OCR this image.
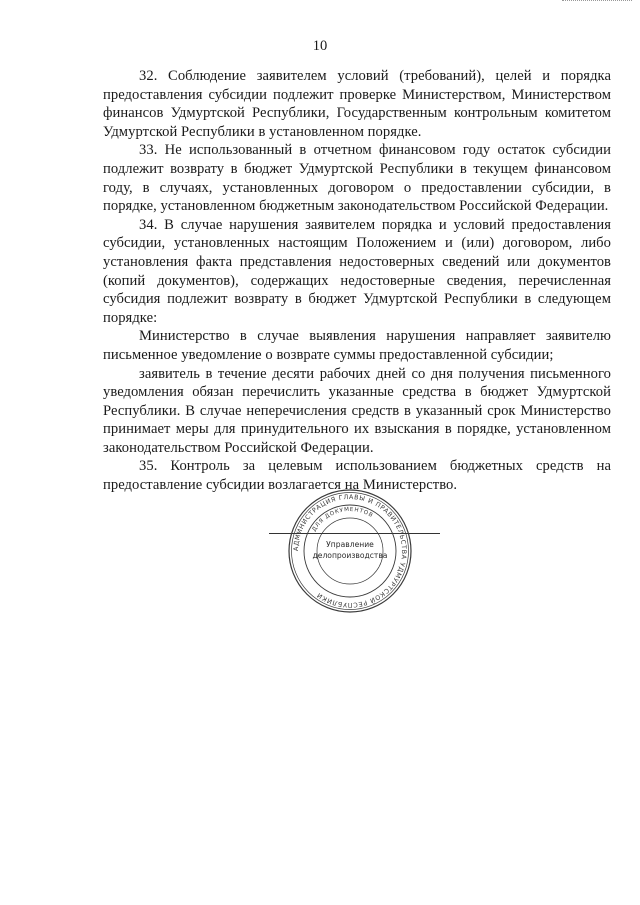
10

32. Соблюдение заявителем условий (требований), целей и порядка предоставления субсидии подлежит проверке Министерством, Министерством финансов Удмуртской Республики, Государственным контрольным комитетом Удмуртской Республики в установленном порядке.

33. Не использованный в отчетном финансовом году остаток субсидии подлежит возврату в бюджет Удмуртской Республики в текущем финансовом году, в случаях, установленных договором о предоставлении субсидии, в порядке, установленном бюджетным законодательством Российской Федерации.

34. В случае нарушения заявителем порядка и условий предоставления субсидии, установленных настоящим Положением и (или) договором, либо установления факта представления недостоверных сведений или документов (копий документов), содержащих недостоверные сведения, перечисленная субсидия подлежит возврату в бюджет Удмуртской Республики в следующем порядке:

Министерство в случае выявления нарушения направляет заявителю письменное уведомление о возврате суммы предоставленной субсидии;

заявитель в течение десяти рабочих дней со дня получения письменного уведомления обязан перечислить указанные средства в бюджет Удмуртской Республики. В случае неперечисления средств в указанный срок Министерство принимает меры для принудительного их взыскания в порядке, установленном законодательством Российской Федерации.

35. Контроль за целевым использованием бюджетных средств на предоставление субсидии возлагается на Министерство.

АДМИНИСТРАЦИЯ ГЛАВЫ И ПРАВИТЕЛЬСТВА УДМУРТСКОЙ РЕСПУБЛИКИ
ДЛЯ ДОКУМЕНТОВ
Управление
делопроизводства
